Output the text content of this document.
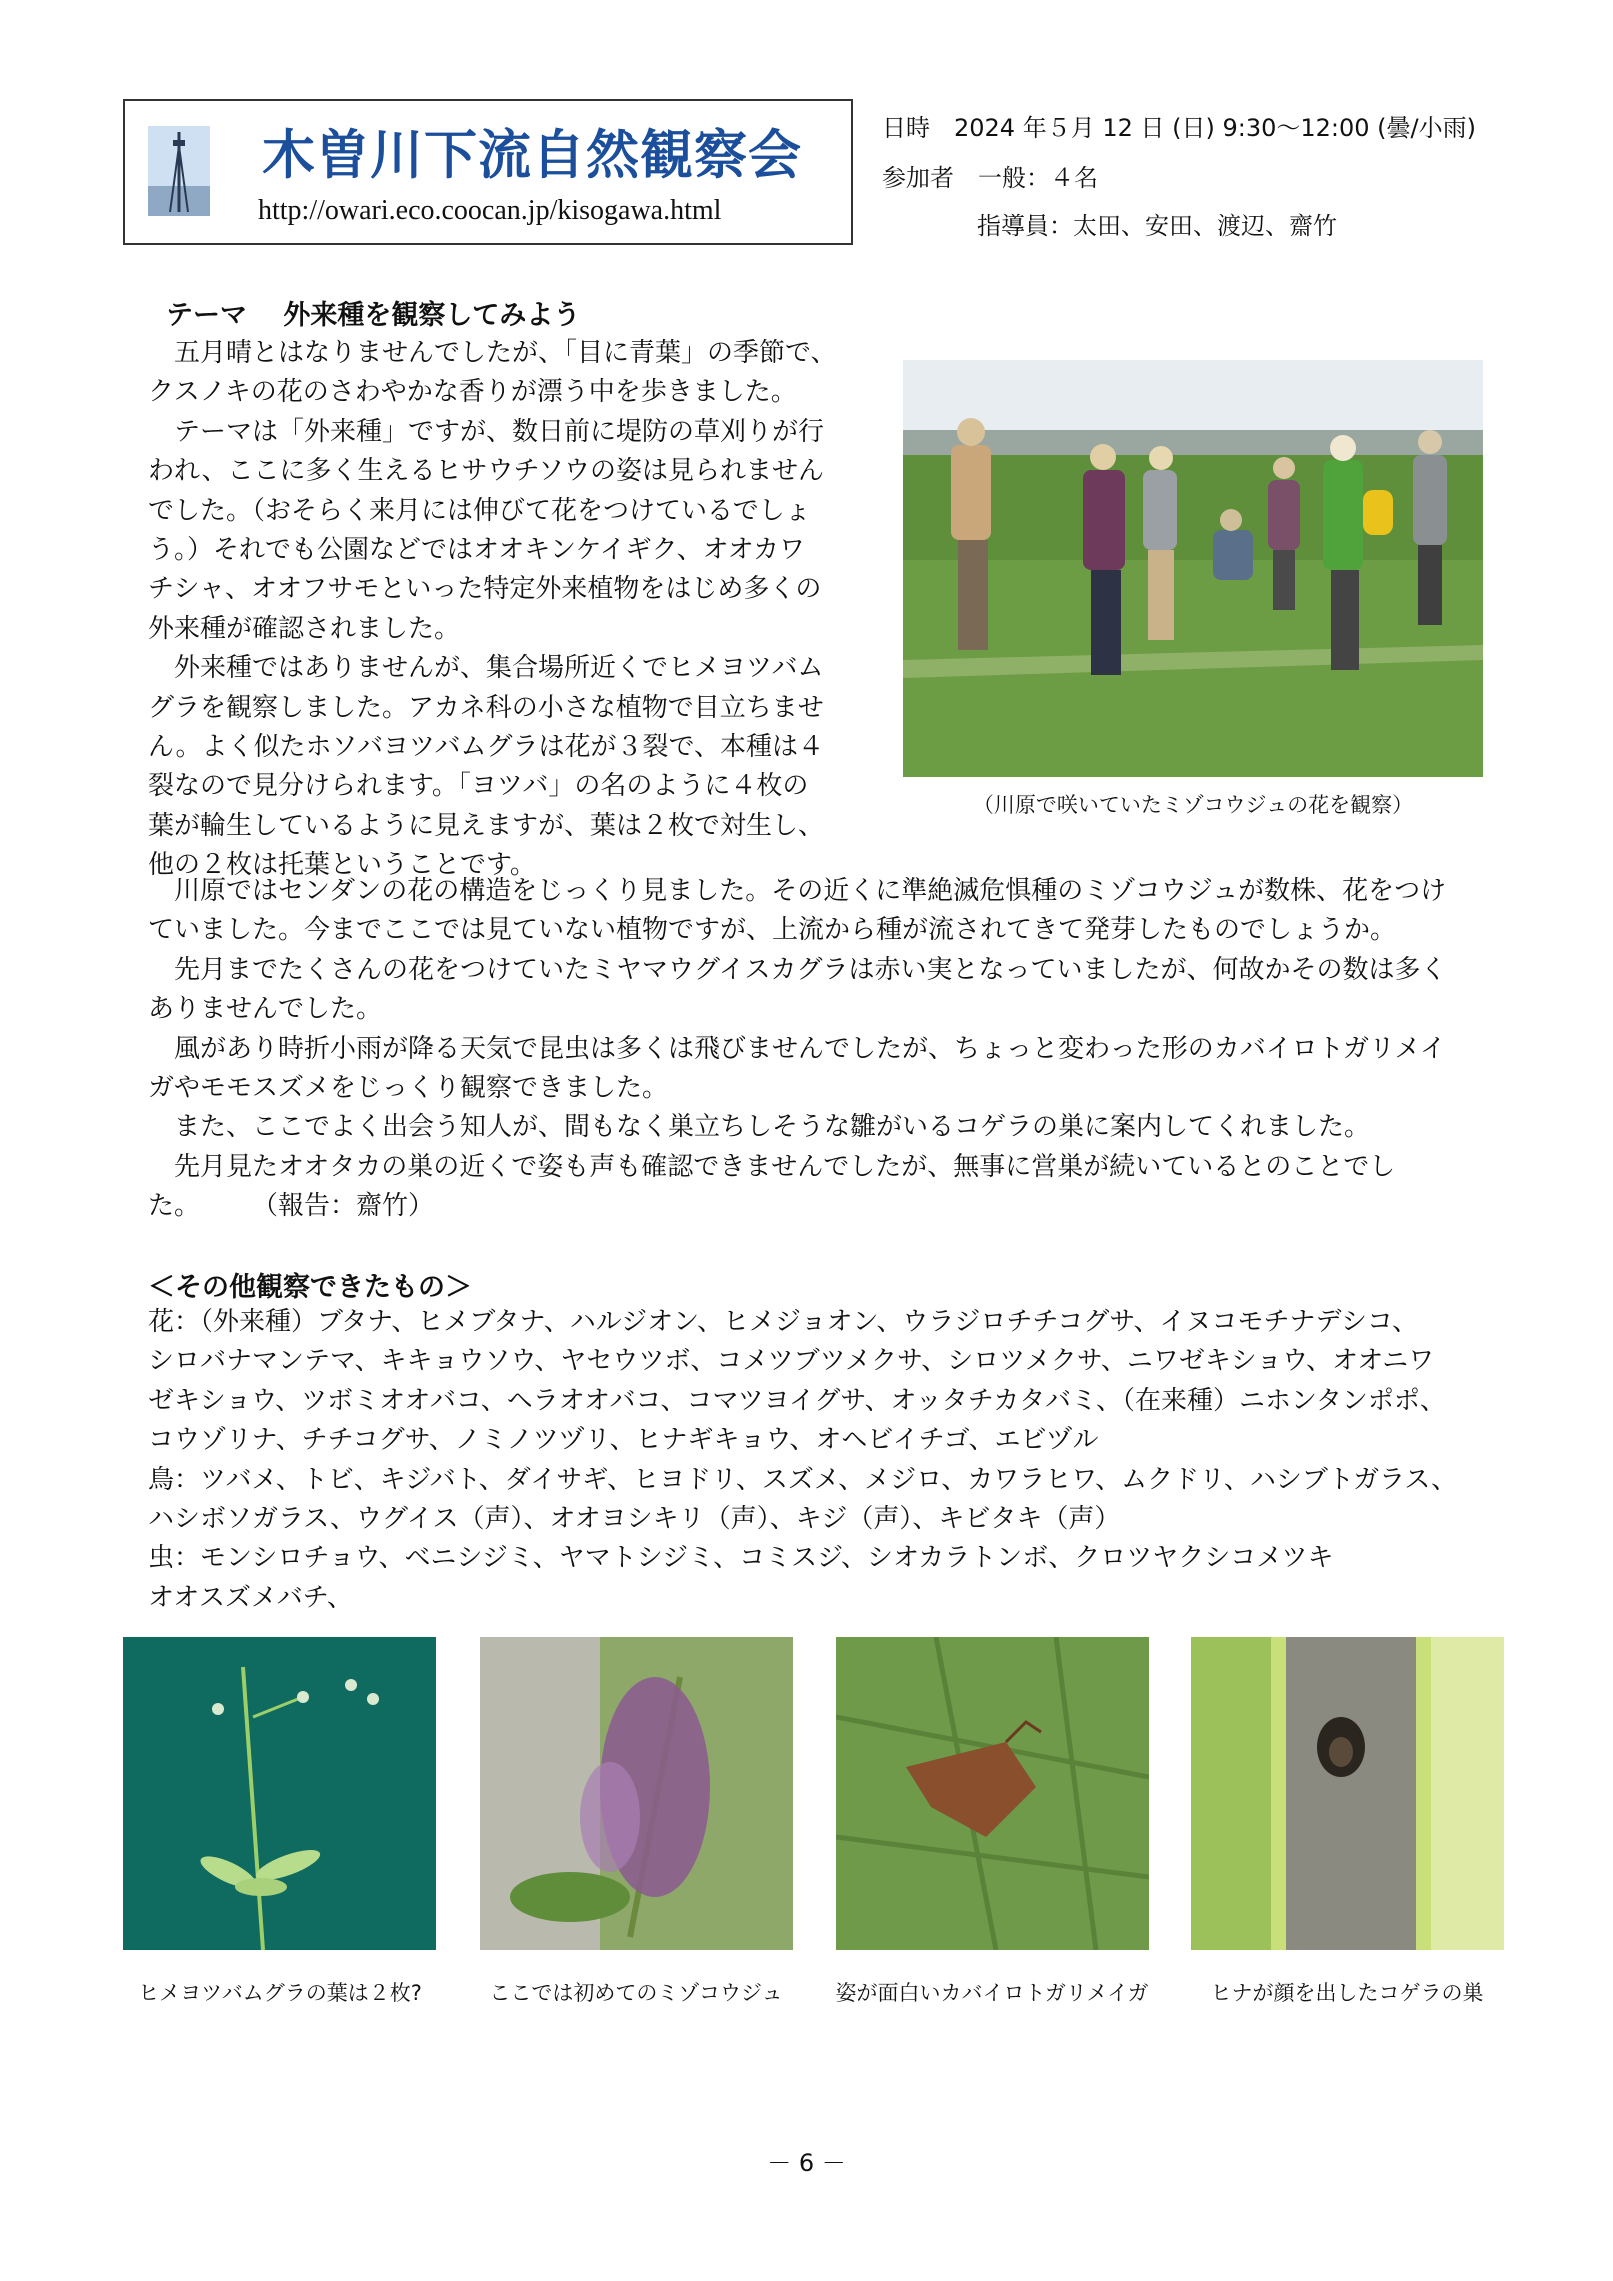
木曽川下流自然観察会
http://owari.eco.coocan.jp/kisogawa.html
日時　2024 年５月 12 日 (日) 9:30～12:00 (曇/小雨)
参加者　一般：４名
指導員：太田、安田、渡辺、齋竹
テーマ　 外来種を観察してみよう
　五月晴とはなりませんでしたが、「目に青葉」の季節で、
クスノキの花のさわやかな香りが漂う中を歩きました。
　テーマは「外来種」ですが、数日前に堤防の草刈りが行
われ、ここに多く生えるヒサウチソウの姿は見られません
でした。（おそらく来月には伸びて花をつけているでしょ
う。）それでも公園などではオオキンケイギク、オオカワ
チシャ、オオフサモといった特定外来植物をはじめ多くの
外来種が確認されました。
　外来種ではありませんが、集合場所近くでヒメヨツバム
グラを観察しました。アカネ科の小さな植物で目立ちませ
ん。よく似たホソバヨツバムグラは花が３裂で、本種は４
裂なので見分けられます。「ヨツバ」の名のように４枚の
葉が輪生しているように見えますが、葉は２枚で対生し、
他の２枚は托葉ということです。
（川原で咲いていたミゾコウジュの花を観察）
　川原ではセンダンの花の構造をじっくり見ました。その近くに準絶滅危惧種のミゾコウジュが数株、花をつけ
ていました。今までここでは見ていない植物ですが、上流から種が流されてきて発芽したものでしょうか。
　先月までたくさんの花をつけていたミヤマウグイスカグラは赤い実となっていましたが、何故かその数は多く
ありませんでした。
　風があり時折小雨が降る天気で昆虫は多くは飛びませんでしたが、ちょっと変わった形のカバイロトガリメイ
ガやモモスズメをじっくり観察できました。
　また、ここでよく出会う知人が、間もなく巣立ちしそうな雛がいるコゲラの巣に案内してくれました。
　先月見たオオタカの巣の近くで姿も声も確認できませんでしたが、無事に営巣が続いているとのことでし
た。　　　（報告：齋竹）
＜その他観察できたもの＞
花：（外来種）ブタナ、ヒメブタナ、ハルジオン、ヒメジョオン、ウラジロチチコグサ、イヌコモチナデシコ、
シロバナマンテマ、キキョウソウ、ヤセウツボ、コメツブツメクサ、シロツメクサ、ニワゼキショウ、オオニワ
ゼキショウ、ツボミオオバコ、ヘラオオバコ、コマツヨイグサ、オッタチカタバミ、（在来種）ニホンタンポポ、
コウゾリナ、チチコグサ、ノミノツヅリ、ヒナギキョウ、オヘビイチゴ、エビヅル
鳥：ツバメ、トビ、キジバト、ダイサギ、ヒヨドリ、スズメ、メジロ、カワラヒワ、ムクドリ、ハシブトガラス、
ハシボソガラス、ウグイス（声）、オオヨシキリ（声）、キジ（声）、キビタキ（声）
虫：モンシロチョウ、ベニシジミ、ヤマトシジミ、コミスジ、シオカラトンボ、クロツヤクシコメツキ
オオスズメバチ、
ヒメヨツバムグラの葉は２枚?	ここでは初めてのミゾコウジュ	姿が面白いカバイロトガリメイガ	ヒナが顔を出したコゲラの巣
－ 6 －
